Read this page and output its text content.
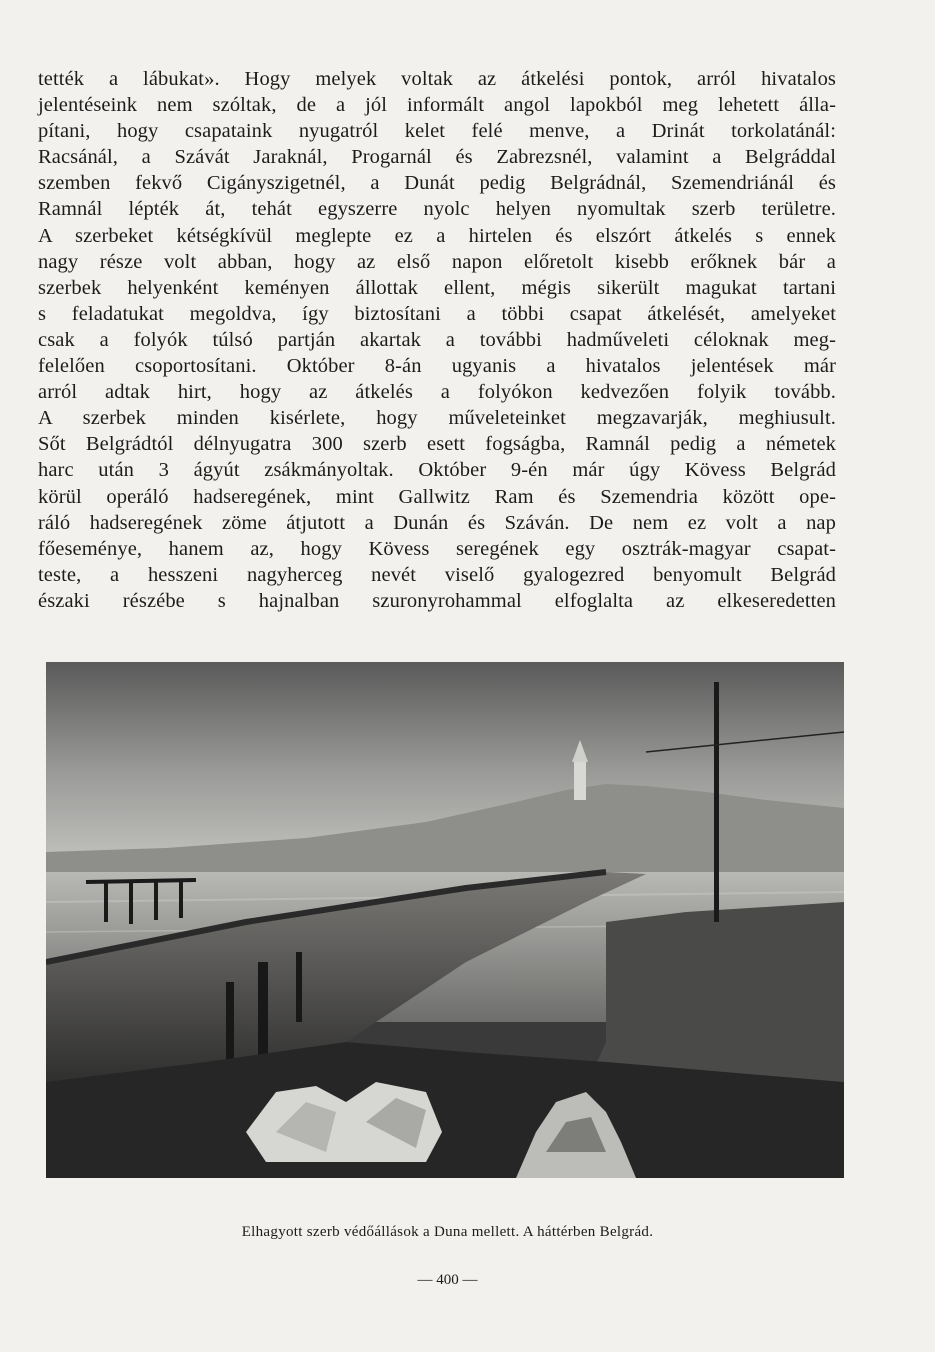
tették a lábukat». Hogy melyek voltak az átkelési pontok, arról hivatalos
jelentéseink nem szóltak, de a jól informált angol lapokból meg lehetett álla-
pítani, hogy csapataink nyugatról kelet felé menve, a Drinát torkolatánál:
Racsánál, a Szávát Jaraknál, Progarnál és Zabrezsnél, valamint a Belgráddal
szemben fekvő Cigányszigetnél, a Dunát pedig Belgrádnál, Szemendriánál és
Ramnál lépték át, tehát egyszerre nyolc helyen nyomultak szerb területre.
A szerbeket kétségkívül meglepte ez a hirtelen és elszórt átkelés s ennek
nagy része volt abban, hogy az első napon előretolt kisebb erőknek bár a
szerbek helyenként keményen állottak ellent, mégis sikerült magukat tartani
s feladatukat megoldva, így biztosítani a többi csapat átkelését, amelyeket
csak a folyók túlsó partján akartak a további hadműveleti céloknak meg-
felelően csoportosítani. Október 8-án ugyanis a hivatalos jelentések már
arról adtak hirt, hogy az átkelés a folyókon kedvezően folyik tovább.
A szerbek minden kisérlete, hogy műveleteinket megzavarják, meghiusult.
Sőt Belgrádtól délnyugatra 300 szerb esett fogságba, Ramnál pedig a németek
harc után 3 ágyút zsákmányoltak. Október 9-én már úgy Kövess Belgrád
körül operáló hadseregének, mint Gallwitz Ram és Szemendria között ope-
ráló hadseregének zöme átjutott a Dunán és Száván. De nem ez volt a nap
főeseménye, hanem az, hogy Kövess seregének egy osztrák-magyar csapat-
teste, a hesszeni nagyherceg nevét viselő gyalogezred benyomult Belgrád
északi részébe s hajnalban szuronyrohammal elfoglalta az elkeseredetten
Elhagyott szerb védőállások a Duna mellett. A háttérben Belgrád.
— 400 —
